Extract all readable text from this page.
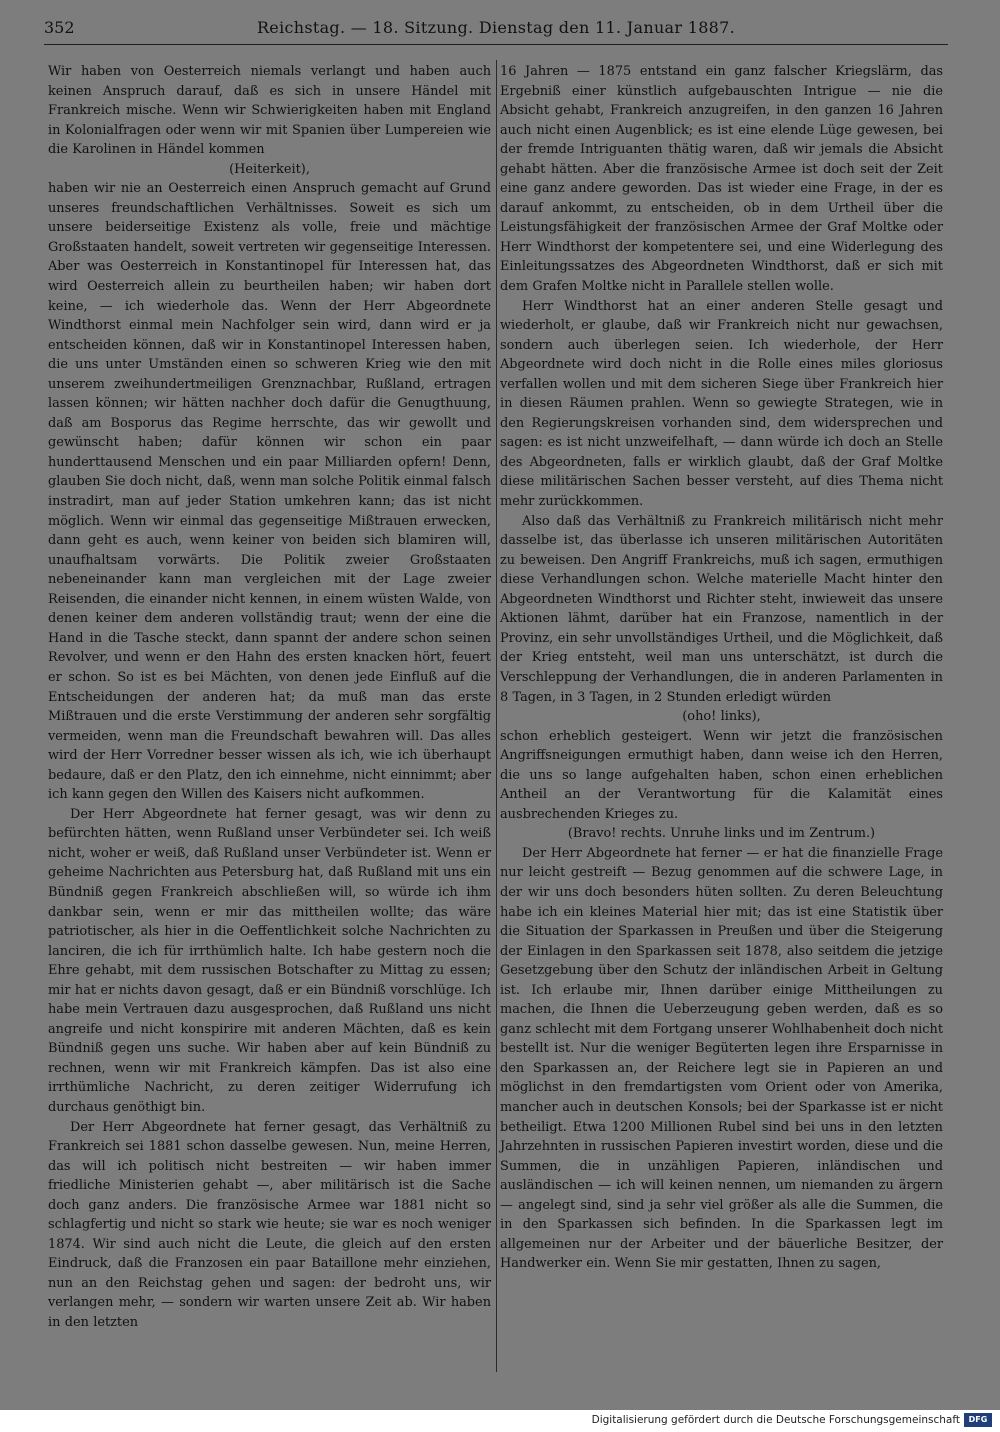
352	Reichstag. — 18. Sitzung. Dienstag den 11. Januar 1887.

Wir haben von Oesterreich niemals verlangt und haben auch keinen Anspruch darauf, daß es sich in unsere Händel mit Frankreich mische. Wenn wir Schwierigkeiten haben mit England in Kolonialfragen oder wenn wir mit Spanien über Lumpereien wie die Karolinen in Händel kommen

(Heiterkeit),

haben wir nie an Oesterreich einen Anspruch gemacht auf Grund unseres freundschaftlichen Verhältnisses. Soweit es sich um unsere beiderseitige Existenz als volle, freie und mächtige Großstaaten handelt, soweit vertreten wir gegenseitige Interessen. Aber was Oesterreich in Konstantinopel für Interessen hat, das wird Oesterreich allein zu beurtheilen haben; wir haben dort keine, — ich wiederhole das. Wenn der Herr Abgeordnete Windthorst einmal mein Nachfolger sein wird, dann wird er ja entscheiden können, daß wir in Konstantinopel Interessen haben, die uns unter Umständen einen so schweren Krieg wie den mit unserem zweihundertmeiligen Grenznachbar, Rußland, ertragen lassen können; wir hätten nachher doch dafür die Genugthuung, daß am Bosporus das Regime herrschte, das wir gewollt und gewünscht haben; dafür können wir schon ein paar hunderttausend Menschen und ein paar Milliarden opfern! Denn, glauben Sie doch nicht, daß, wenn man solche Politik einmal falsch instradirt, man auf jeder Station umkehren kann; das ist nicht möglich. Wenn wir einmal das gegenseitige Mißtrauen erwecken, dann geht es auch, wenn keiner von beiden sich blamiren will, unaufhaltsam vorwärts. Die Politik zweier Großstaaten nebeneinander kann man vergleichen mit der Lage zweier Reisenden, die einander nicht kennen, in einem wüsten Walde, von denen keiner dem anderen vollständig traut; wenn der eine die Hand in die Tasche steckt, dann spannt der andere schon seinen Revolver, und wenn er den Hahn des ersten knacken hört, feuert er schon. So ist es bei Mächten, von denen jede Einfluß auf die Entscheidungen der anderen hat; da muß man das erste Mißtrauen und die erste Verstimmung der anderen sehr sorgfältig vermeiden, wenn man die Freundschaft bewahren will. Das alles wird der Herr Vorredner besser wissen als ich, wie ich überhaupt bedaure, daß er den Platz, den ich einnehme, nicht einnimmt; aber ich kann gegen den Willen des Kaisers nicht aufkommen.

Der Herr Abgeordnete hat ferner gesagt, was wir denn zu befürchten hätten, wenn Rußland unser Verbündeter sei. Ich weiß nicht, woher er weiß, daß Rußland unser Verbündeter ist. Wenn er geheime Nachrichten aus Petersburg hat, daß Rußland mit uns ein Bündniß gegen Frankreich abschließen will, so würde ich ihm dankbar sein, wenn er mir das mittheilen wollte; das wäre patriotischer, als hier in die Oeffentlichkeit solche Nachrichten zu lanciren, die ich für irrthümlich halte. Ich habe gestern noch die Ehre gehabt, mit dem russischen Botschafter zu Mittag zu essen; mir hat er nichts davon gesagt, daß er ein Bündniß vorschlüge. Ich habe mein Vertrauen dazu ausgesprochen, daß Rußland uns nicht angreife und nicht konspirire mit anderen Mächten, daß es kein Bündniß gegen uns suche. Wir haben aber auf kein Bündniß zu rechnen, wenn wir mit Frankreich kämpfen. Das ist also eine irrthümliche Nachricht, zu deren zeitiger Widerrufung ich durchaus genöthigt bin.

Der Herr Abgeordnete hat ferner gesagt, das Verhältniß zu Frankreich sei 1881 schon dasselbe gewesen. Nun, meine Herren, das will ich politisch nicht bestreiten — wir haben immer friedliche Ministerien gehabt —, aber militärisch ist die Sache doch ganz anders. Die französische Armee war 1881 nicht so schlagfertig und nicht so stark wie heute; sie war es noch weniger 1874. Wir sind auch nicht die Leute, die gleich auf den ersten Eindruck, daß die Franzosen ein paar Bataillone mehr einziehen, nun an den Reichstag gehen und sagen: der bedroht uns, wir verlangen mehr, — sondern wir warten unsere Zeit ab. Wir haben in den letzten

16 Jahren — 1875 entstand ein ganz falscher Kriegslärm, das Ergebniß einer künstlich aufgebauschten Intrigue — nie die Absicht gehabt, Frankreich anzugreifen, in den ganzen 16 Jahren auch nicht einen Augenblick; es ist eine elende Lüge gewesen, bei der fremde Intriguanten thätig waren, daß wir jemals die Absicht gehabt hätten. Aber die französische Armee ist doch seit der Zeit eine ganz andere geworden. Das ist wieder eine Frage, in der es darauf ankommt, zu entscheiden, ob in dem Urtheil über die Leistungsfähigkeit der französischen Armee der Graf Moltke oder Herr Windthorst der kompetentere sei, und eine Widerlegung des Einleitungssatzes des Abgeordneten Windthorst, daß er sich mit dem Grafen Moltke nicht in Parallele stellen wolle.

Herr Windthorst hat an einer anderen Stelle gesagt und wiederholt, er glaube, daß wir Frankreich nicht nur gewachsen, sondern auch überlegen seien. Ich wiederhole, der Herr Abgeordnete wird doch nicht in die Rolle eines miles gloriosus verfallen wollen und mit dem sicheren Siege über Frankreich hier in diesen Räumen prahlen. Wenn so gewiegte Strategen, wie in den Regierungskreisen vorhanden sind, dem widersprechen und sagen: es ist nicht unzweifelhaft, — dann würde ich doch an Stelle des Abgeordneten, falls er wirklich glaubt, daß der Graf Moltke diese militärischen Sachen besser versteht, auf dies Thema nicht mehr zurückkommen.

Also daß das Verhältniß zu Frankreich militärisch nicht mehr dasselbe ist, das überlasse ich unseren militärischen Autoritäten zu beweisen. Den Angriff Frankreichs, muß ich sagen, ermuthigen diese Verhandlungen schon. Welche materielle Macht hinter den Abgeordneten Windthorst und Richter steht, inwieweit das unsere Aktionen lähmt, darüber hat ein Franzose, namentlich in der Provinz, ein sehr unvollständiges Urtheil, und die Möglichkeit, daß der Krieg entsteht, weil man uns unterschätzt, ist durch die Verschleppung der Verhandlungen, die in anderen Parlamenten in 8 Tagen, in 3 Tagen, in 2 Stunden erledigt würden

(oho! links),

schon erheblich gesteigert. Wenn wir jetzt die französischen Angriffsneigungen ermuthigt haben, dann weise ich den Herren, die uns so lange aufgehalten haben, schon einen erheblichen Antheil an der Verantwortung für die Kalamität eines ausbrechenden Krieges zu.

(Bravo! rechts. Unruhe links und im Zentrum.)

Der Herr Abgeordnete hat ferner — er hat die finanzielle Frage nur leicht gestreift — Bezug genommen auf die schwere Lage, in der wir uns doch besonders hüten sollten. Zu deren Beleuchtung habe ich ein kleines Material hier mit; das ist eine Statistik über die Situation der Sparkassen in Preußen und über die Steigerung der Einlagen in den Sparkassen seit 1878, also seitdem die jetzige Gesetzgebung über den Schutz der inländischen Arbeit in Geltung ist. Ich erlaube mir, Ihnen darüber einige Mittheilungen zu machen, die Ihnen die Ueberzeugung geben werden, daß es so ganz schlecht mit dem Fortgang unserer Wohlhabenheit doch nicht bestellt ist. Nur die weniger Begüterten legen ihre Ersparnisse in den Sparkassen an, der Reichere legt sie in Papieren an und möglichst in den fremdartigsten vom Orient oder von Amerika, mancher auch in deutschen Konsols; bei der Sparkasse ist er nicht betheiligt. Etwa 1200 Millionen Rubel sind bei uns in den letzten Jahrzehnten in russischen Papieren investirt worden, diese und die Summen, die in unzähligen Papieren, inländischen und ausländischen — ich will keinen nennen, um niemanden zu ärgern — angelegt sind, sind ja sehr viel größer als alle die Summen, die in den Sparkassen sich befinden. In die Sparkassen legt im allgemeinen nur der Arbeiter und der bäuerliche Besitzer, der Handwerker ein. Wenn Sie mir gestatten, Ihnen zu sagen,

Digitalisierung gefördert durch die Deutsche Forschungsgemeinschaft	DFG
